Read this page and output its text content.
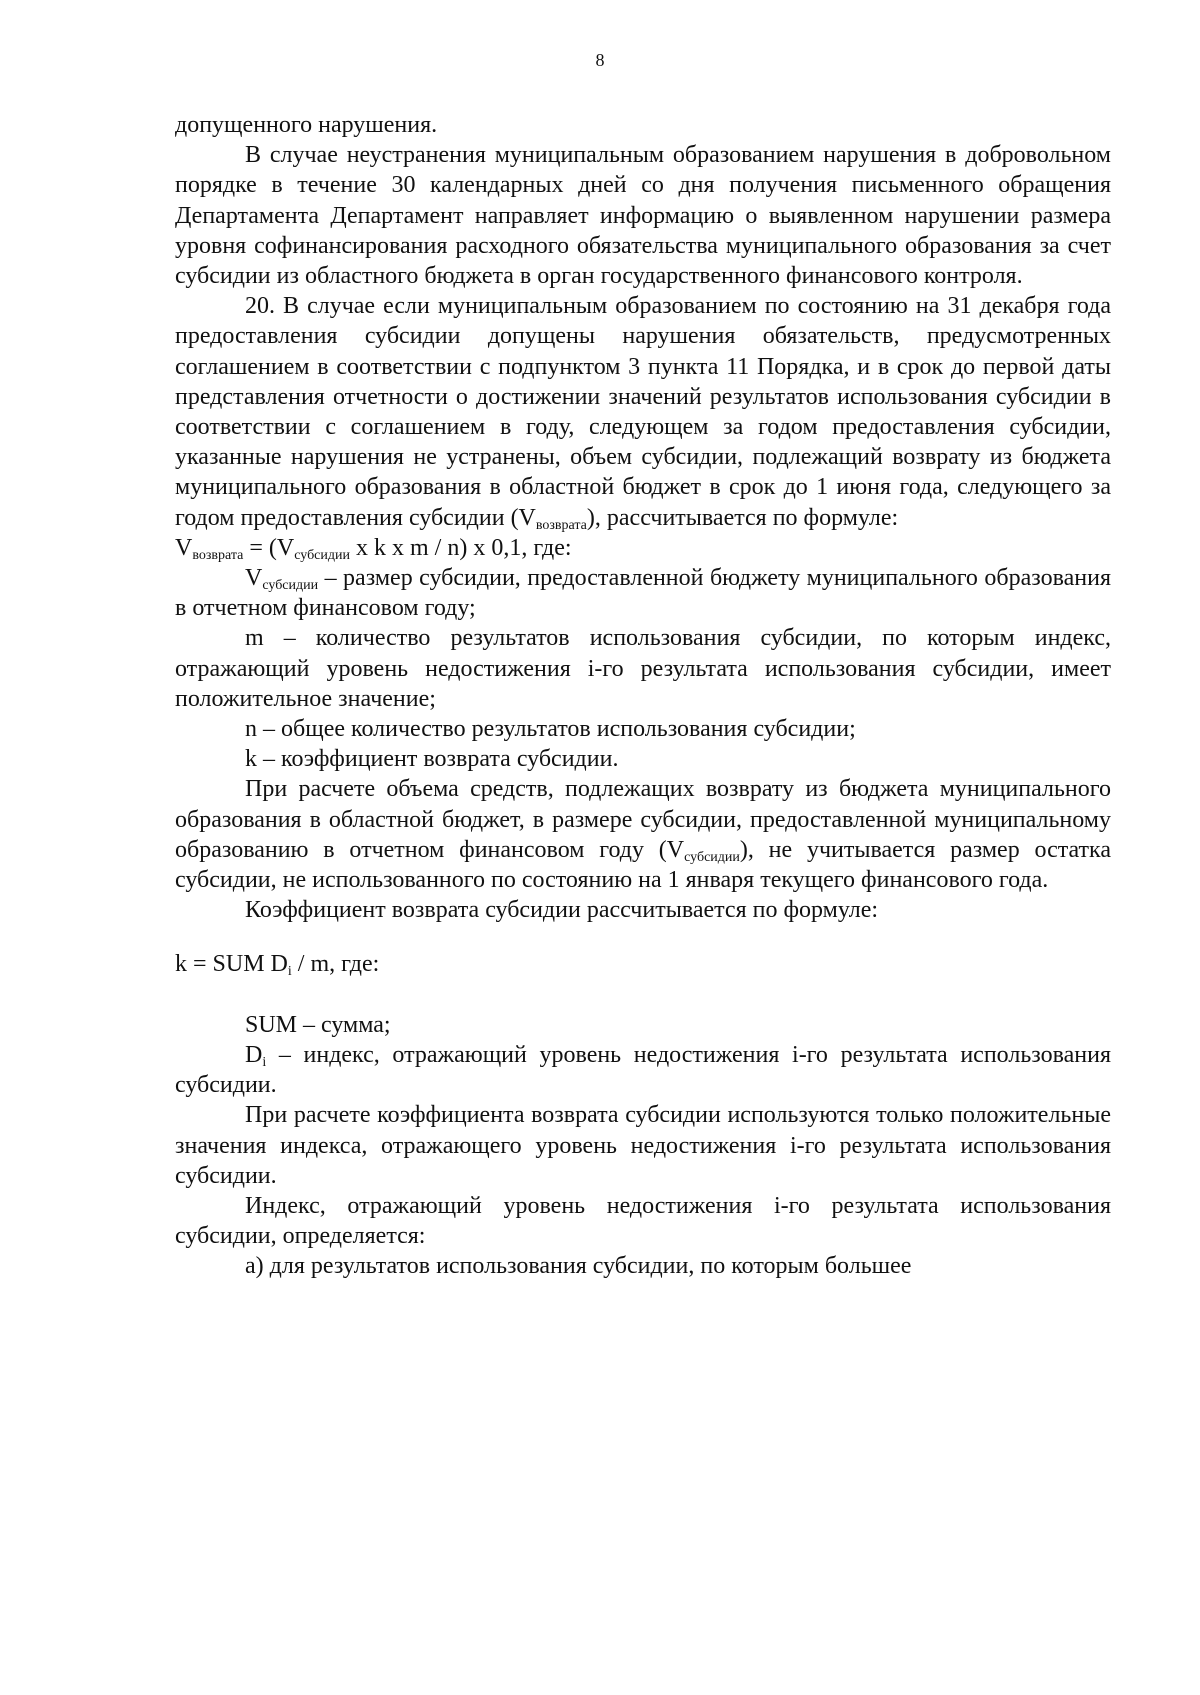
8

допущенного нарушения.

В случае неустранения муниципальным образованием нарушения в добровольном порядке в течение 30 календарных дней со дня получения письменного обращения Департамента Департамент направляет информацию о выявленном нарушении размера уровня софинансирования расходного обязательства муниципального образования за счет субсидии из областного бюджета в орган государственного финансового контроля.

20. В случае если муниципальным образованием по состоянию на 31 декабря года предоставления субсидии допущены нарушения обязательств, предусмотренных соглашением в соответствии с подпунктом 3 пункта 11 Порядка, и в срок до первой даты представления отчетности о достижении значений результатов использования субсидии в соответствии с соглашением в году, следующем за годом предоставления субсидии, указанные нарушения не устранены, объем субсидии, подлежащий возврату из бюджета муниципального образования в областной бюджет в срок до 1 июня года, следующего за годом предоставления субсидии $(V_{возврата})$, рассчитывается по формуле:

$V_{возврата} = (V_{субсидии}$ x k x m / n) x 0,1, где:

$V_{субсидии}$ – размер субсидии, предоставленной бюджету муниципального образования в отчетном финансовом году;

m – количество результатов использования субсидии, по которым индекс, отражающий уровень недостижения i-го результата использования субсидии, имеет положительное значение;

n – общее количество результатов использования субсидии;

k – коэффициент возврата субсидии.

При расчете объема средств, подлежащих возврату из бюджета муниципального образования в областной бюджет, в размере субсидии, предоставленной муниципальному образованию в отчетном финансовом году $(V_{субсидии})$, не учитывается размер остатка субсидии, не использованного по состоянию на 1 января текущего финансового года.

Коэффициент возврата субсидии рассчитывается по формуле:

k = SUM $D_i$ / m, где:

SUM – сумма;

$D_i$ – индекс, отражающий уровень недостижения i-го результата использования субсидии.

При расчете коэффициента возврата субсидии используются только положительные значения индекса, отражающего уровень недостижения i-го результата использования субсидии.

Индекс, отражающий уровень недостижения i-го результата использования субсидии, определяется:

а) для результатов использования субсидии, по которым большее
